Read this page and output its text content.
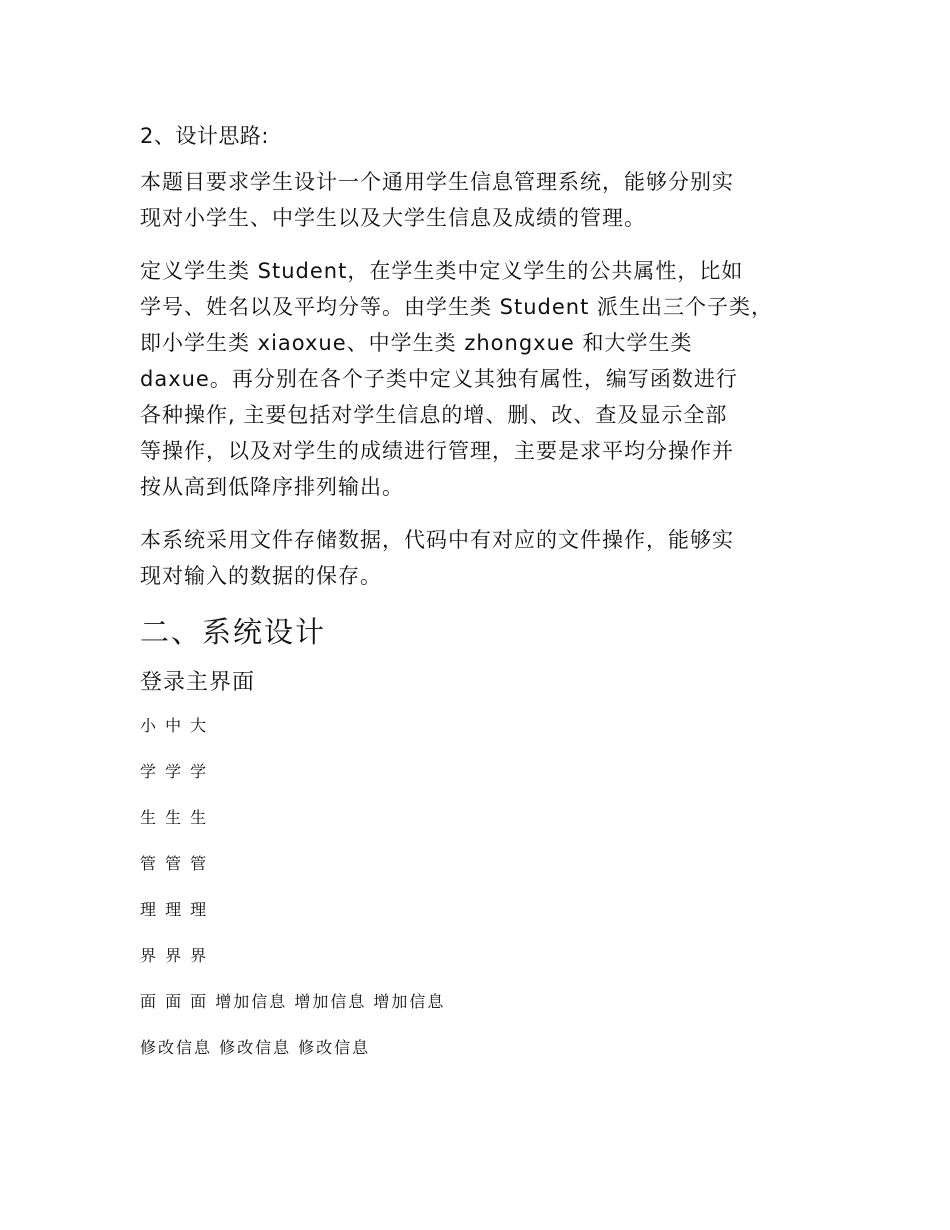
2、设计思路:
本题目要求学生设计一个通用学生信息管理系统，能够分别实
现对小学生、中学生以及大学生信息及成绩的管理。
定义学生类 Student，在学生类中定义学生的公共属性，比如
学号、姓名以及平均分等。由学生类 Student 派生出三个子类，
即小学生类 xiaoxue、中学生类 zhongxue 和大学生类
daxue。再分别在各个子类中定义其独有属性，编写函数进行
各种操作, 主要包括对学生信息的增、删、改、查及显示全部
等操作，以及对学生的成绩进行管理，主要是求平均分操作并
按从高到低降序排列输出。
本系统采用文件存储数据，代码中有对应的文件操作，能够实
现对输入的数据的保存。
二、系统设计
登录主界面
小 中 大
学 学 学
生 生 生
管 管 管
理 理 理
界 界 界
面 面 面 增加信息 增加信息 增加信息
修改信息 修改信息 修改信息
